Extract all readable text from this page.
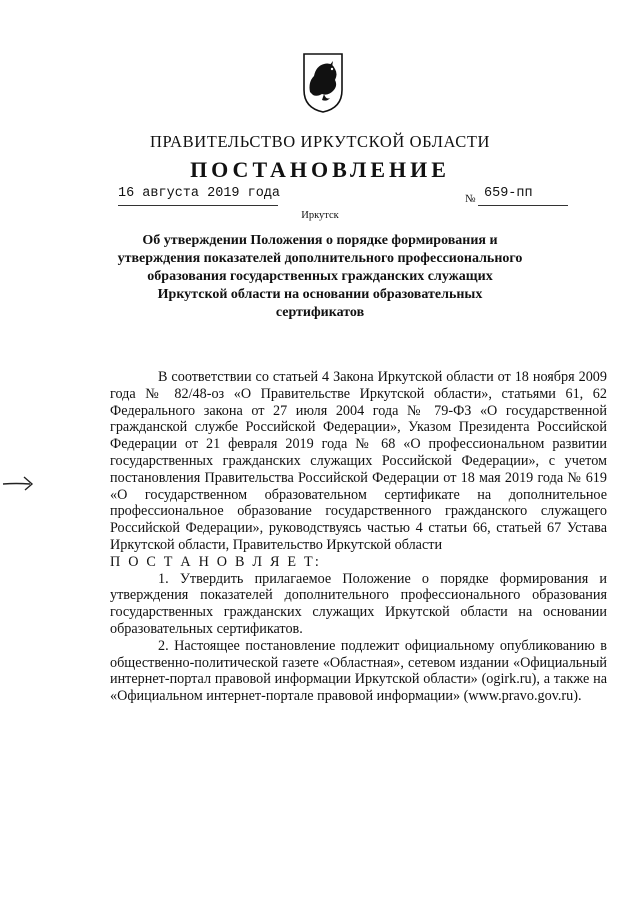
ПРАВИТЕЛЬСТВО ИРКУТСКОЙ ОБЛАСТИ
ПОСТАНОВЛЕНИЕ
16 августа 2019 года	№ 659-пп
Иркутск
Об утверждении Положения о порядке формирования и утверждения показателей дополнительного профессионального образования государственных гражданских служащих Иркутской области на основании образовательных сертификатов

В соответствии со статьей 4 Закона Иркутской области от 18 ноября 2009 года № 82/48-оз «О Правительстве Иркутской области», статьями 61, 62 Федерального закона от 27 июля 2004 года № 79-ФЗ «О государственной гражданской службе Российской Федерации», Указом Президента Российской Федерации от 21 февраля 2019 года № 68 «О профессиональном развитии государственных гражданских служащих Российской Федерации», с учетом постановления Правительства Российской Федерации от 18 мая 2019 года № 619 «О государственном образовательном сертификате на дополнительное профессиональное образование государственного гражданского служащего Российской Федерации», руководствуясь частью 4 статьи 66, статьей 67 Устава Иркутской области, Правительство Иркутской области

П О С Т А Н О В Л Я Е Т:

1. Утвердить прилагаемое Положение о порядке формирования и утверждения показателей дополнительного профессионального образования государственных гражданских служащих Иркутской области на основании образовательных сертификатов.

2. Настоящее постановление подлежит официальному опубликованию в общественно-политической газете «Областная», сетевом издании «Официальный интернет-портал правовой информации Иркутской области» (ogirk.ru), а также на «Официальном интернет-портале правовой информации» (www.pravo.gov.ru).
